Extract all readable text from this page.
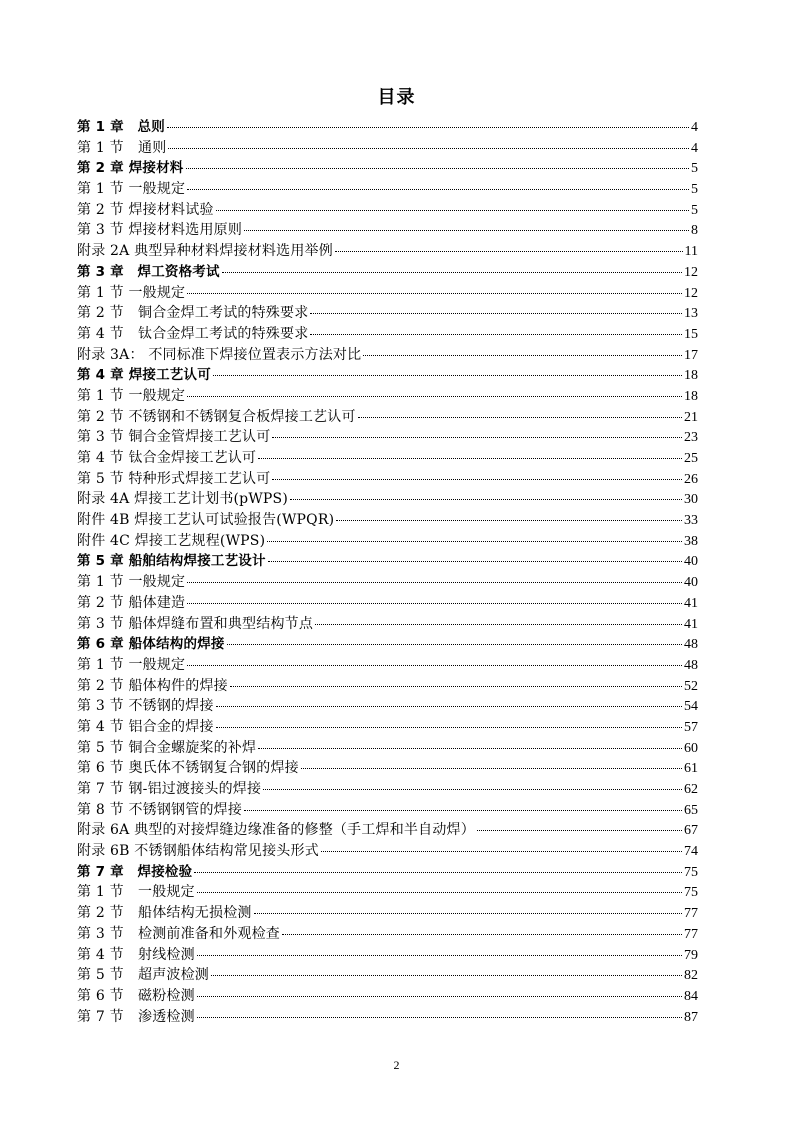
目录
第 1 章　总则	4
第 1 节　通则	4
第 2 章 焊接材料	5
第 1 节 一般规定	5
第 2 节 焊接材料试验	5
第 3 节 焊接材料选用原则	8
附录 2A 典型异种材料焊接材料选用举例	11
第 3 章　焊工资格考试	12
第 1 节 一般规定	12
第 2 节　铜合金焊工考试的特殊要求	13
第 4 节　钛合金焊工考试的特殊要求	15
附录 3A： 不同标准下焊接位置表示方法对比	17
第 4 章 焊接工艺认可	18
第 1 节 一般规定	18
第 2 节 不锈钢和不锈钢复合板焊接工艺认可	21
第 3 节 铜合金管焊接工艺认可	23
第 4 节 钛合金焊接工艺认可	25
第 5 节 特种形式焊接工艺认可	26
附录 4A 焊接工艺计划书(pWPS)	30
附件 4B 焊接工艺认可试验报告(WPQR)	33
附件 4C 焊接工艺规程(WPS)	38
第 5 章 船舶结构焊接工艺设计	40
第 1 节 一般规定	40
第 2 节 船体建造	41
第 3 节 船体焊缝布置和典型结构节点	41
第 6 章 船体结构的焊接	48
第 1 节 一般规定	48
第 2 节 船体构件的焊接	52
第 3 节 不锈钢的焊接	54
第 4 节 铝合金的焊接	57
第 5 节 铜合金螺旋桨的补焊	60
第 6 节 奥氏体不锈钢复合钢的焊接	61
第 7 节 钢-铝过渡接头的焊接	62
第 8 节 不锈钢钢管的焊接	65
附录 6A 典型的对接焊缝边缘准备的修整（手工焊和半自动焊）	67
附录 6B 不锈钢船体结构常见接头形式	74
第 7 章　焊接检验	75
第 1 节　一般规定	75
第 2 节　船体结构无损检测	77
第 3 节　检测前准备和外观检查	77
第 4 节　射线检测	79
第 5 节　超声波检测	82
第 6 节　磁粉检测	84
第 7 节　渗透检测	87
2
